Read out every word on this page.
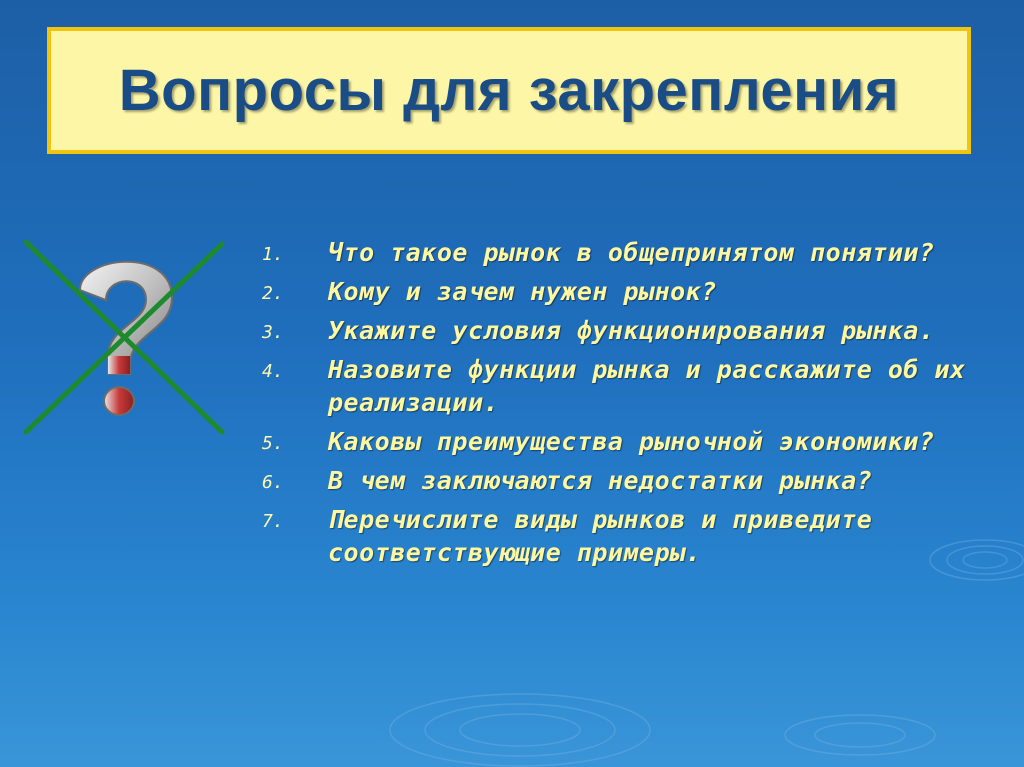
Вопросы для закрепления
1.	Что такое рынок в общепринятом понятии?
2.	Кому и зачем нужен рынок?
3.	Укажите условия функционирования рынка.
4.	Назовите функции рынка и расскажите об их реализации.
5.	Каковы преимущества рыночной экономики?
6.	В чем заключаются недостатки рынка?
7.	Перечислите виды рынков и приведите соответствующие примеры.
